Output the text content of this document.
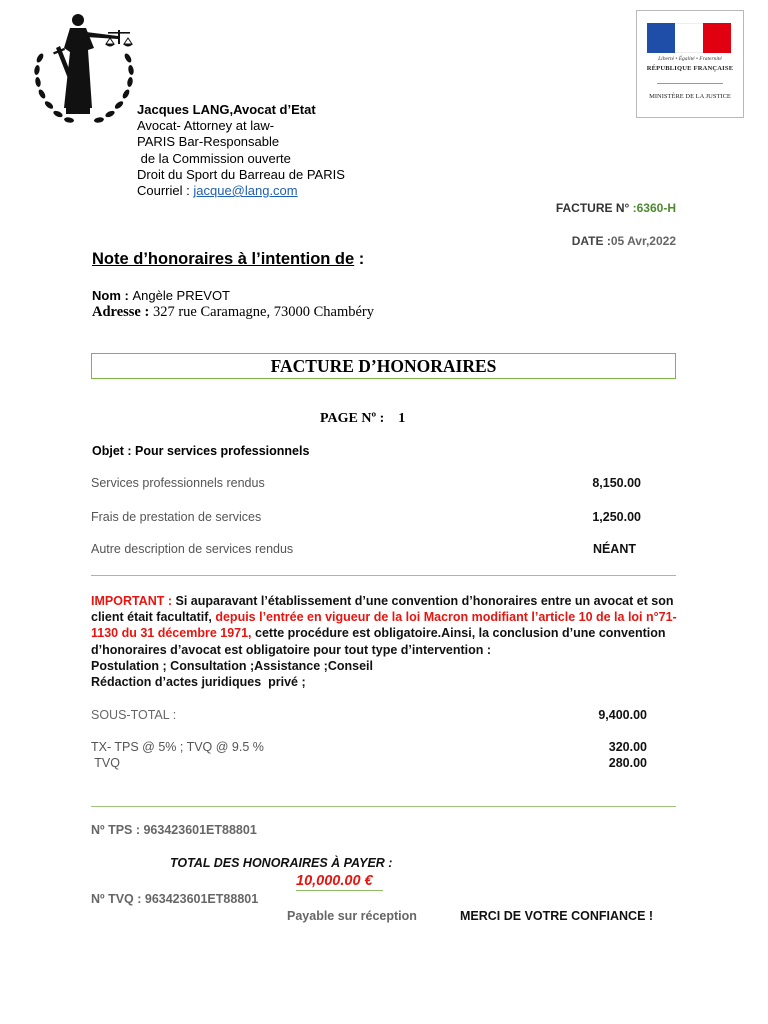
Jacques LANG,Avocat d’Etat
Avocat- Attorney at law-
PARIS Bar-Responsable
de la Commission ouverte
Droit du Sport du Barreau de PARIS
Courriel : jacque@lang.com
Liberté • Égalité • Fraternité
RÉPUBLIQUE FRANÇAISE
MINISTÈRE DE LA JUSTICE
FACTURE N° :6360-H
DATE :05 Avr,2022
Note d’honoraires à l’intention de :
Nom : Angèle PREVOT
Adresse : 327 rue Caramagne, 73000 Chambéry
FACTURE D’HONORAIRES
PAGE Nº :    1
Objet : Pour services professionnels
Services professionnels rendus	8,150.00
Frais de prestation de services	1,250.00
Autre description de services rendus	NÉANT
IMPORTANT : Si auparavant l’établissement d’une convention d’honoraires entre un avocat et son client était facultatif, depuis l’entrée en vigueur de la loi Macron modifiant l’article 10 de la loi n°71-1130 du 31 décembre 1971, cette procédure est obligatoire.Ainsi, la conclusion d’une convention d’honoraires d’avocat est obligatoire pour tout type d’intervention :
Postulation ; Consultation ;Assistance ;Conseil
Rédaction d’actes juridiques  privé ;
SOUS-TOTAL :	9,400.00
TX- TPS @ 5% ; TVQ @ 9.5 %	320.00
TVQ	280.00
Nº TPS : 963423601ET88801
TOTAL DES HONORAIRES À PAYER :
10,000.00 €
Nº TVQ : 963423601ET88801
Payable sur réception	MERCI DE VOTRE CONFIANCE !
